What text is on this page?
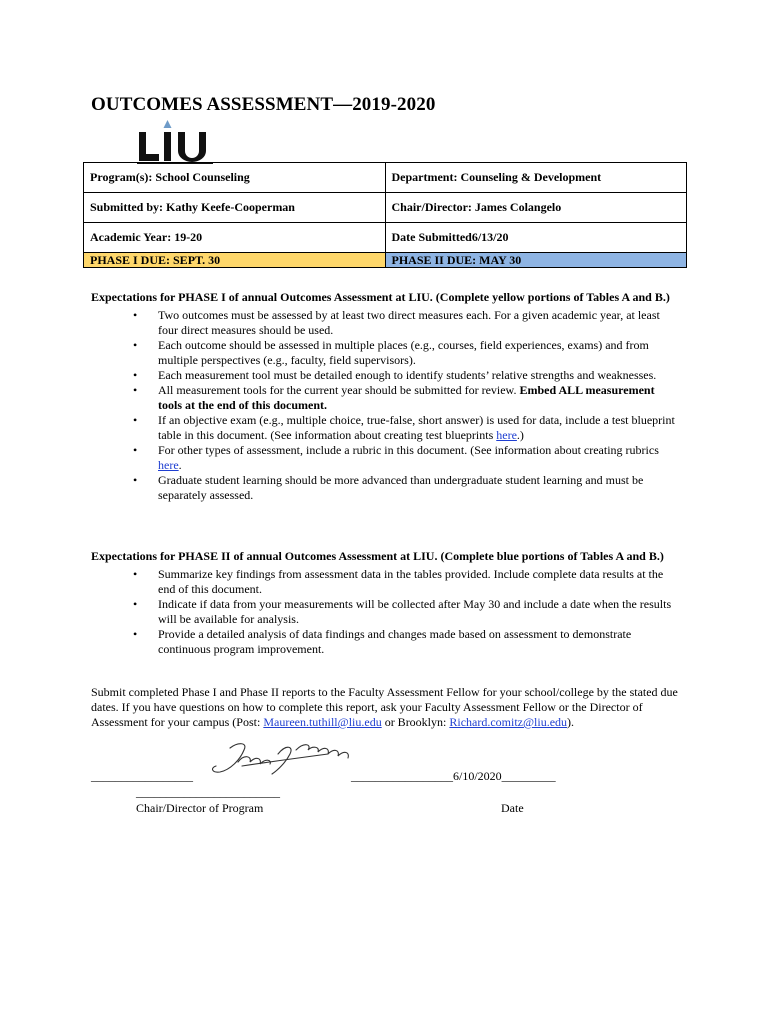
OUTCOMES ASSESSMENT—2019-2020
Program(s): School Counseling	Department: Counseling & Development
Submitted by: Kathy Keefe-Cooperman	Chair/Director: James Colangelo
Academic Year: 19-20	Date Submitted6/13/20
PHASE I DUE: SEPT. 30	PHASE II DUE: MAY 30
Expectations for PHASE I of annual Outcomes Assessment at LIU. (Complete yellow portions of Tables A and B.)
• Two outcomes must be assessed by at least two direct measures each. For a given academic year, at least four direct measures should be used.
• Each outcome should be assessed in multiple places (e.g., courses, field experiences, exams) and from multiple perspectives (e.g., faculty, field supervisors).
• Each measurement tool must be detailed enough to identify students’ relative strengths and weaknesses.
• All measurement tools for the current year should be submitted for review. Embed ALL measurement tools at the end of this document.
• If an objective exam (e.g., multiple choice, true-false, short answer) is used for data, include a test blueprint table in this document. (See information about creating test blueprints here.)
• For other types of assessment, include a rubric in this document. (See information about creating rubrics here.
• Graduate student learning should be more advanced than undergraduate student learning and must be separately assessed.
Expectations for PHASE II of annual Outcomes Assessment at LIU. (Complete blue portions of Tables A and B.)
• Summarize key findings from assessment data in the tables provided. Include complete data results at the end of this document.
• Indicate if data from your measurements will be collected after May 30 and include a date when the results will be available for analysis.
• Provide a detailed analysis of data findings and changes made based on assessment to demonstrate continuous program improvement.
Submit completed Phase I and Phase II reports to the Faculty Assessment Fellow for your school/college by the stated due dates. If you have questions on how to complete this report, ask your Faculty Assessment Fellow or the Director of Assessment for your campus (Post: Maureen.tuthill@liu.edu or Brooklyn: Richard.comitz@liu.edu).
_________________	_________________6/10/2020_________
________________________
Chair/Director of Program	Date
